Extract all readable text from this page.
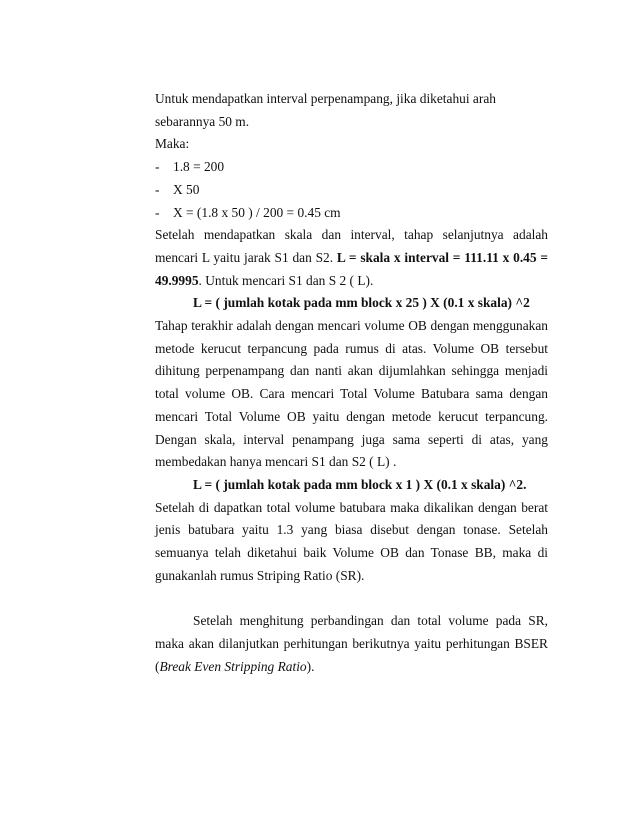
Untuk mendapatkan interval perpenampang, jika diketahui arah sebarannya 50 m.

Maka:

-	1.8 = 200
-	X 50
-	X = (1.8 x 50 ) / 200 = 0.45 cm

Setelah mendapatkan skala dan interval, tahap selanjutnya adalah mencari L yaitu jarak S1 dan S2. L = skala x interval = 111.11 x 0.45 = 49.9995. Untuk mencari S1 dan S 2 ( L).

L = ( jumlah kotak pada mm block x 25 ) X (0.1 x skala) ^2

Tahap terakhir adalah dengan mencari volume OB dengan menggunakan metode kerucut terpancung pada rumus di atas. Volume OB tersebut dihitung perpenampang dan nanti akan dijumlahkan sehingga menjadi total volume OB. Cara mencari Total Volume Batubara sama dengan mencari Total Volume OB yaitu dengan metode kerucut terpancung. Dengan skala, interval penampang juga sama seperti di atas, yang membedakan hanya mencari S1 dan S2 ( L) .

L = ( jumlah kotak pada mm block x 1 ) X (0.1 x skala) ^2.

Setelah di dapatkan total volume batubara maka dikalikan dengan berat jenis batubara yaitu 1.3 yang biasa disebut dengan tonase. Setelah semuanya telah diketahui baik Volume OB dan Tonase BB, maka di gunakanlah rumus Striping Ratio (SR).

Setelah menghitung perbandingan dan total volume pada SR, maka akan dilanjutkan perhitungan berikutnya yaitu perhitungan BSER (Break Even Stripping Ratio).
